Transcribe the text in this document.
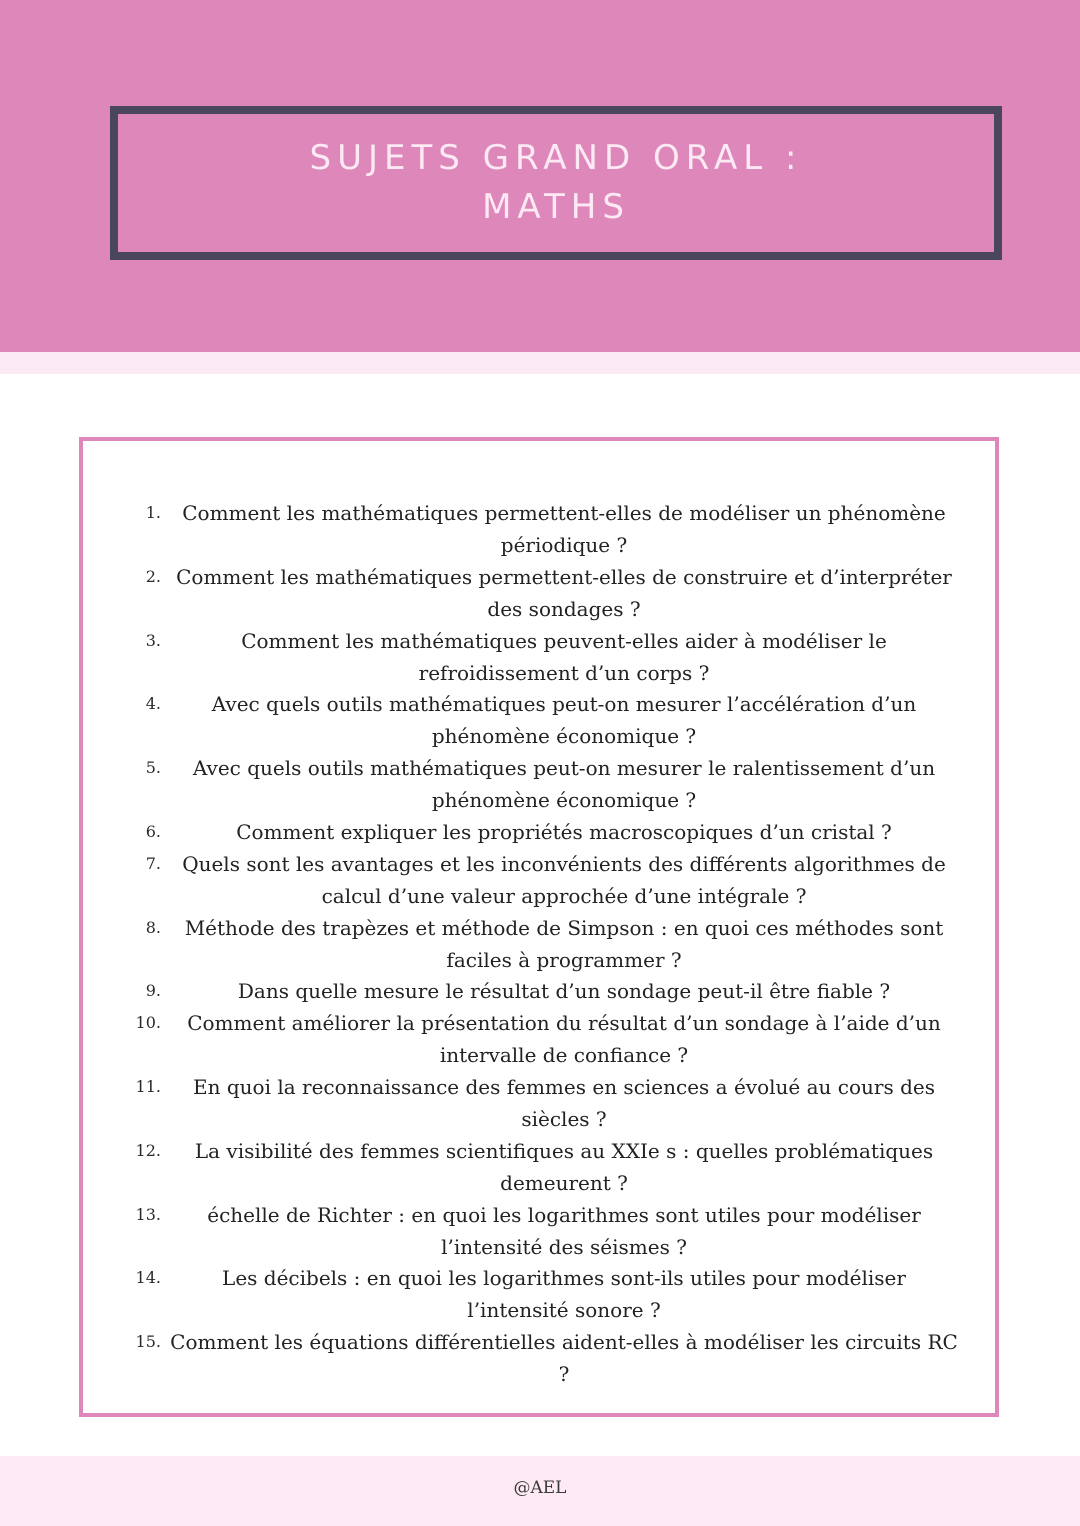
SUJETS GRAND ORAL :
MATHS
1.	Comment les mathématiques permettent-elles de modéliser un phénomène périodique ?
2. Comment les mathématiques permettent-elles de construire et d’interpréter des sondages ?
3.	Comment les mathématiques peuvent-elles aider à modéliser le refroidissement d’un corps ?
4.	Avec quels outils mathématiques peut-on mesurer l’accélération d’un phénomène économique ?
5.	Avec quels outils mathématiques peut-on mesurer le ralentissement d’un phénomène économique ?
6.	Comment expliquer les propriétés macroscopiques d’un cristal ?
7.	Quels sont les avantages et les inconvénients des différents algorithmes de calcul d’une valeur approchée d’une intégrale ?
8.	Méthode des trapèzes et méthode de Simpson : en quoi ces méthodes sont faciles à programmer ?
9.	Dans quelle mesure le résultat d’un sondage peut-il être fiable ?
10.	Comment améliorer la présentation du résultat d’un sondage à l’aide d’un intervalle de confiance ?
11.	En quoi la reconnaissance des femmes en sciences a évolué au cours des siècles ?
12.	La visibilité des femmes scientifiques au XXIe s : quelles problématiques demeurent ?
13.	échelle de Richter : en quoi les logarithmes sont utiles pour modéliser l’intensité des séismes ?
14.	Les décibels : en quoi les logarithmes sont-ils utiles pour modéliser l’intensité sonore ?
15. Comment les équations différentielles aident-elles à modéliser les circuits RC ?
@AEL
